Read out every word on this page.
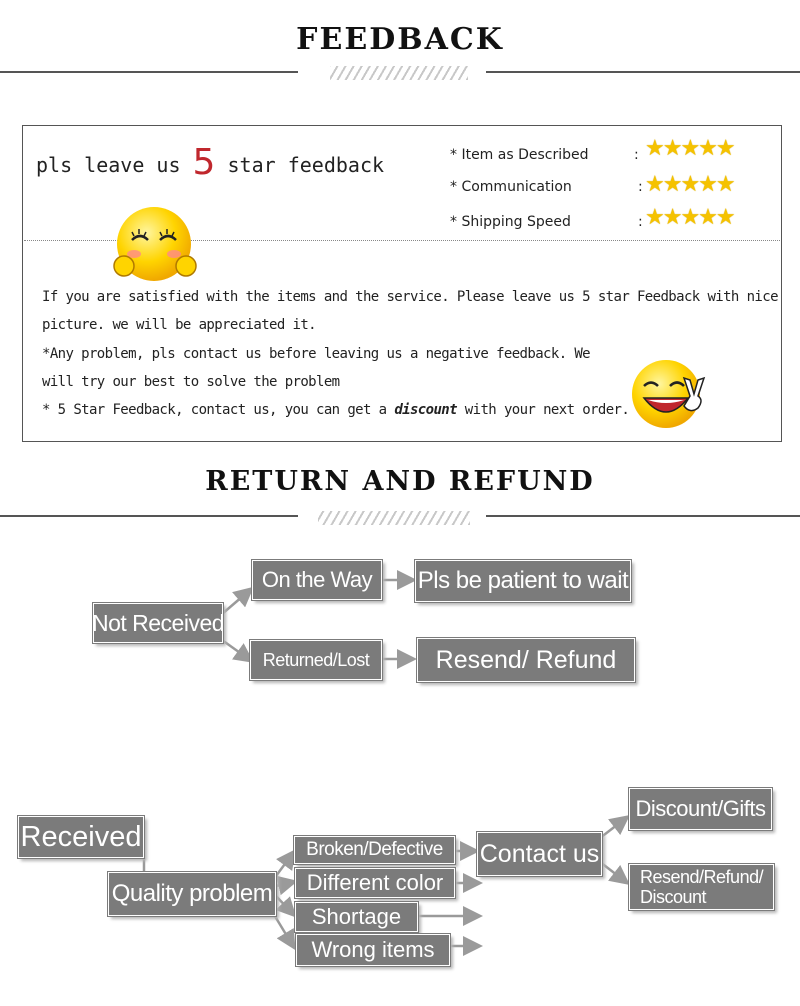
FEEDBACK
pls leave us 5 star feedback	* Item as Described	: ★★★★★
* Communication	: ★★★★★
* Shipping Speed	: ★★★★★
If you are satisfied with the items and the service. Please leave us 5 star Feedback with nice
picture. we will be appreciated it.
*Any problem, pls contact us before leaving us a negative feedback. We
will try our best to solve the problem
* 5 Star Feedback, contact us, you can get a discount with your next order.
RETURN AND REFUND
Not Received
On the Way	Pls be patient to wait
Returned/Lost	Resend/ Refund
Received
Quality problem
Broken/Defective
Different color
Shortage
Wrong items
Contact us
Discount/Gifts
Resend/Refund/
Discount
